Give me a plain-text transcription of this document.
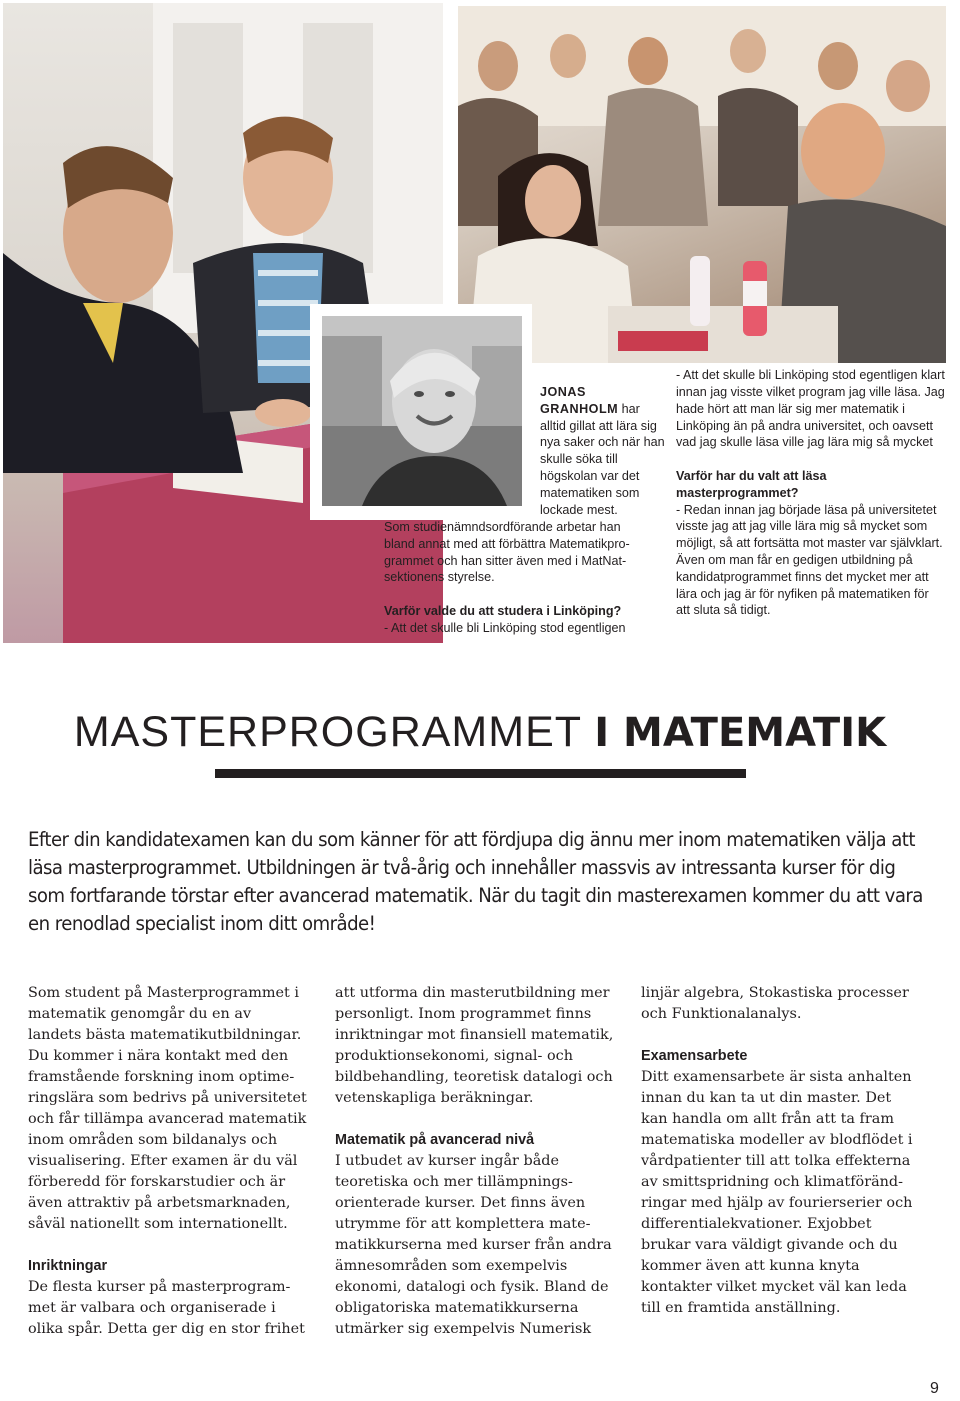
JONAS
GRANHOLM har alltid gillat att lära sig nya saker och när han skulle söka till högskolan var det matematiken som lockade mest.
Som studienämndsordförande arbetar han bland annat med att förbättra Matematikprogrammet och han sitter även med i MatNatsektionens styrelse.
Varför valde du att studera i Linköping?
- Att det skulle bli Linköping stod egentligen
- Att det skulle bli Linköping stod egentligen klart innan jag visste vilket program jag ville läsa. Jag hade hört att man lär sig mer matematik i Linköping än på andra universitet, och oavsett vad jag skulle läsa ville jag lära mig så mycket
Varför har du valt att läsa masterprogrammet?
- Redan innan jag började läsa på universitetet visste jag att jag ville lära mig så mycket som möjligt, så att fortsätta mot master var självklart. Även om man får en gedigen utbildning på kandidatprogrammet finns det mycket mer att lära och jag är för nyfiken på matematiken för att sluta så tidigt.
MASTERPROGRAMMET I MATEMATIK
Efter din kandidatexamen kan du som känner för att fördjupa dig ännu mer inom matematiken välja att läsa masterprogrammet. Utbildningen är två-årig och innehåller massvis av intressanta kurser för dig som fortfarande törstar efter avancerad matematik. När du tagit din masterexamen kommer du att vara en renodlad specialist inom ditt område!

Som student på Masterprogrammet i matematik genomgår du en av landets bästa matematikutbildningar. Du kommer i nära kontakt med den framstående forskning inom optimeringslära som bedrivs på universitetet och får tillämpa avancerad matematik inom områden som bildanalys och visualisering. Efter examen är du väl förberedd för forskarstudier och är även attraktiv på arbetsmarknaden, såväl nationellt som internationellt.

Inriktningar

De flesta kurser på masterprogrammet är valbara och organiserade i olika spår. Detta ger dig en stor frihet

att utforma din masterutbildning mer personligt. Inom programmet finns inriktningar mot finansiell matematik, produktionsekonomi, signal- och bildbehandling, teoretisk datalogi och vetenskapliga beräkningar.

Matematik på avancerad nivå

I utbudet av kurser ingår både teoretiska och mer tillämpningsorienterade kurser. Det finns även utrymme för att komplettera matematikkurserna med kurser från andra ämnesområden som exempelvis ekonomi, datalogi och fysik. Bland de obligatoriska matematikkurserna utmärker sig exempelvis Numerisk

linjär algebra, Stokastiska processer och Funktionalanalys.

Examensarbete

Ditt examensarbete är sista anhalten innan du kan ta ut din master. Det kan handla om allt från att ta fram matematiska modeller av blodflödet i vårdpatienter till att tolka effekterna av smittspridning och klimatförändringar med hjälp av fourierserier och differentialekvationer. Exjobbet brukar vara väldigt givande och du kommer även att kunna knyta kontakter vilket mycket väl kan leda till en framtida anställning.

9
